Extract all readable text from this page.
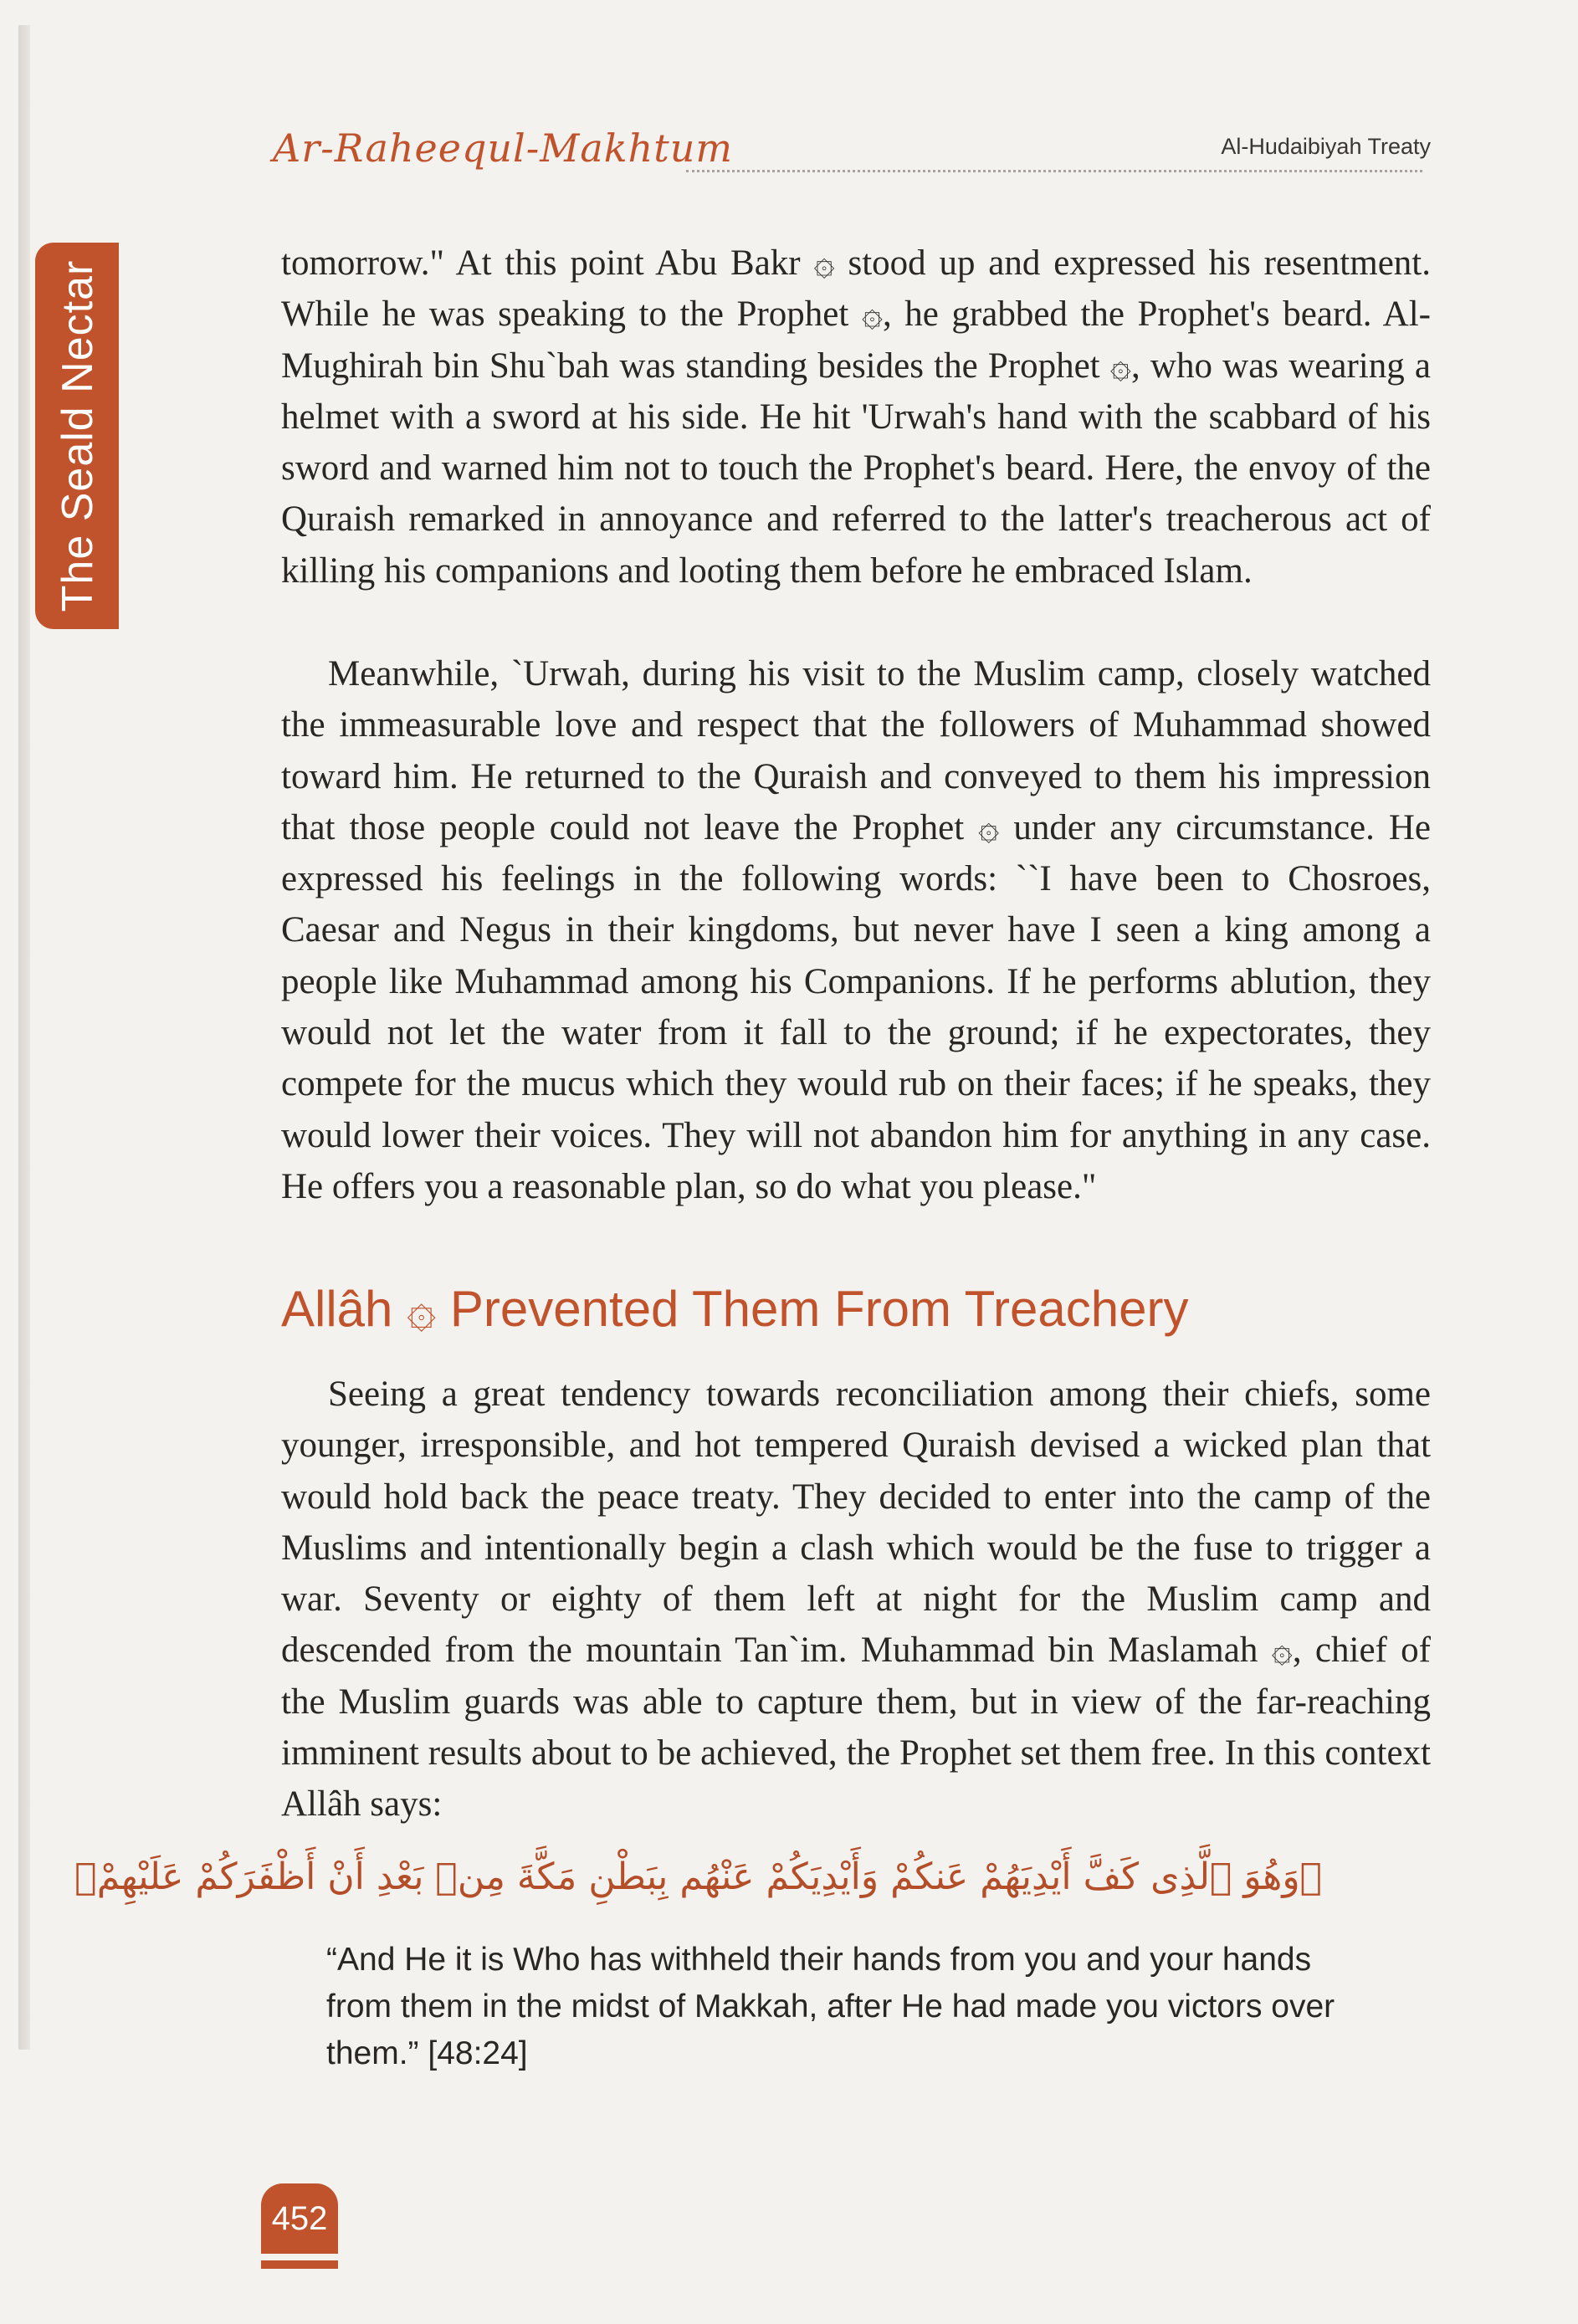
The Seald Nectar
Ar-Raheequl-Makhtum	Al-Hudaibiyah Treaty

tomorrow." At this point Abu Bakr ۞ stood up and expressed his resentment. While he was speaking to the Prophet ۞, he grabbed the Prophet's beard. Al-Mughirah bin Shu`bah was standing besides the Prophet ۞, who was wearing a helmet with a sword at his side. He hit 'Urwah's hand with the scabbard of his sword and warned him not to touch the Prophet's beard. Here, the envoy of the Quraish remarked in annoyance and referred to the latter's treacherous act of killing his companions and looting them before he embraced Islam.

Meanwhile, `Urwah, during his visit to the Muslim camp, closely watched the immeasurable love and respect that the followers of Muhammad showed toward him. He returned to the Quraish and conveyed to them his impression that those people could not leave the Prophet ۞ under any circumstance. He expressed his feelings in the following words: ``I have been to Chosroes, Caesar and Negus in their kingdoms, but never have I seen a king among a people like Muhammad among his Companions. If he performs ablution, they would not let the water from it fall to the ground; if he expectorates, they compete for the mucus which they would rub on their faces; if he speaks, they would lower their voices. They will not abandon him for anything in any case. He offers you a reasonable plan, so do what you please."

Allâh ۞ Prevented Them From Treachery

Seeing a great tendency towards reconciliation among their chiefs, some younger, irresponsible, and hot tempered Quraish devised a wicked plan that would hold back the peace treaty. They decided to enter into the camp of the Muslims and intentionally begin a clash which would be the fuse to trigger a war. Seventy or eighty of them left at night for the Muslim camp and descended from the mountain Tan`im. Muhammad bin Maslamah ۞, chief of the Muslim guards was able to capture them, but in view of the far-reaching imminent results about to be achieved, the Prophet set them free. In this context Allâh says:

﴿وَهُوَ ٱلَّذِى كَفَّ أَيْدِيَهُمْ عَنكُمْ وَأَيْدِيَكُمْ عَنْهُم بِبَطْنِ مَكَّةَ مِنۢ بَعْدِ أَنْ أَظْفَرَكُمْ عَلَيْهِمْ﴾

“And He it is Who has withheld their hands from you and your hands from them in the midst of Makkah, after He had made you victors over them.” [48:24]

452
